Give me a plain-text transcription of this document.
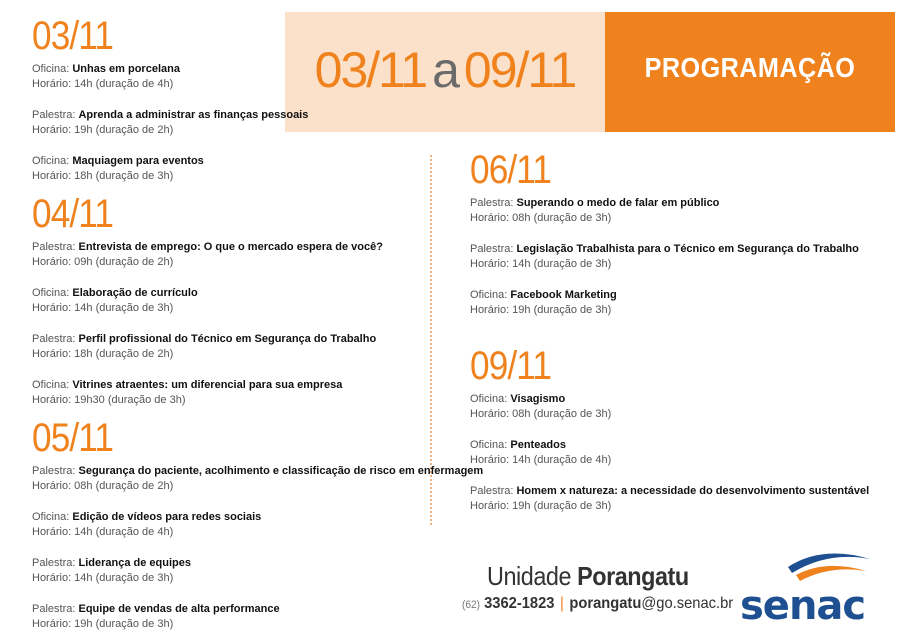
03/11 a 09/11	PROGRAMAÇÃO
03/11
Oficina: Unhas em porcelana
Horário: 14h (duração de 4h)
Palestra: Aprenda a administrar as finanças pessoais
Horário: 19h (duração de 2h)
Oficina: Maquiagem para eventos
Horário: 18h (duração de 3h)
04/11
Palestra: Entrevista de emprego: O que o mercado espera de você?
Horário: 09h (duração de 2h)
Oficina: Elaboração de currículo
Horário: 14h (duração de 3h)
Palestra: Perfil profissional do Técnico em Segurança do Trabalho
Horário: 18h (duração de 2h)
Oficina: Vitrines atraentes: um diferencial para sua empresa
Horário: 19h30 (duração de 3h)
05/11
Palestra: Segurança do paciente, acolhimento e classificação de risco em enfermagem
Horário: 08h (duração de 2h)
Oficina: Edição de vídeos para redes sociais
Horário: 14h (duração de 4h)
Palestra: Liderança de equipes
Horário: 14h (duração de 3h)
Palestra: Equipe de vendas de alta performance
Horário: 19h (duração de 3h)
06/11
Palestra: Superando o medo de falar em público
Horário: 08h (duração de 3h)
Palestra: Legislação Trabalhista para o Técnico em Segurança do Trabalho
Horário: 14h (duração de 3h)
Oficina: Facebook Marketing
Horário: 19h (duração de 3h)
09/11
Oficina: Visagismo
Horário: 08h (duração de 3h)
Oficina: Penteados
Horário: 14h (duração de 4h)
Palestra: Homem x natureza: a necessidade do desenvolvimento sustentável
Horário: 19h (duração de 3h)
Unidade Porangatu
(62) 3362-1823 | porangatu@go.senac.br senac
